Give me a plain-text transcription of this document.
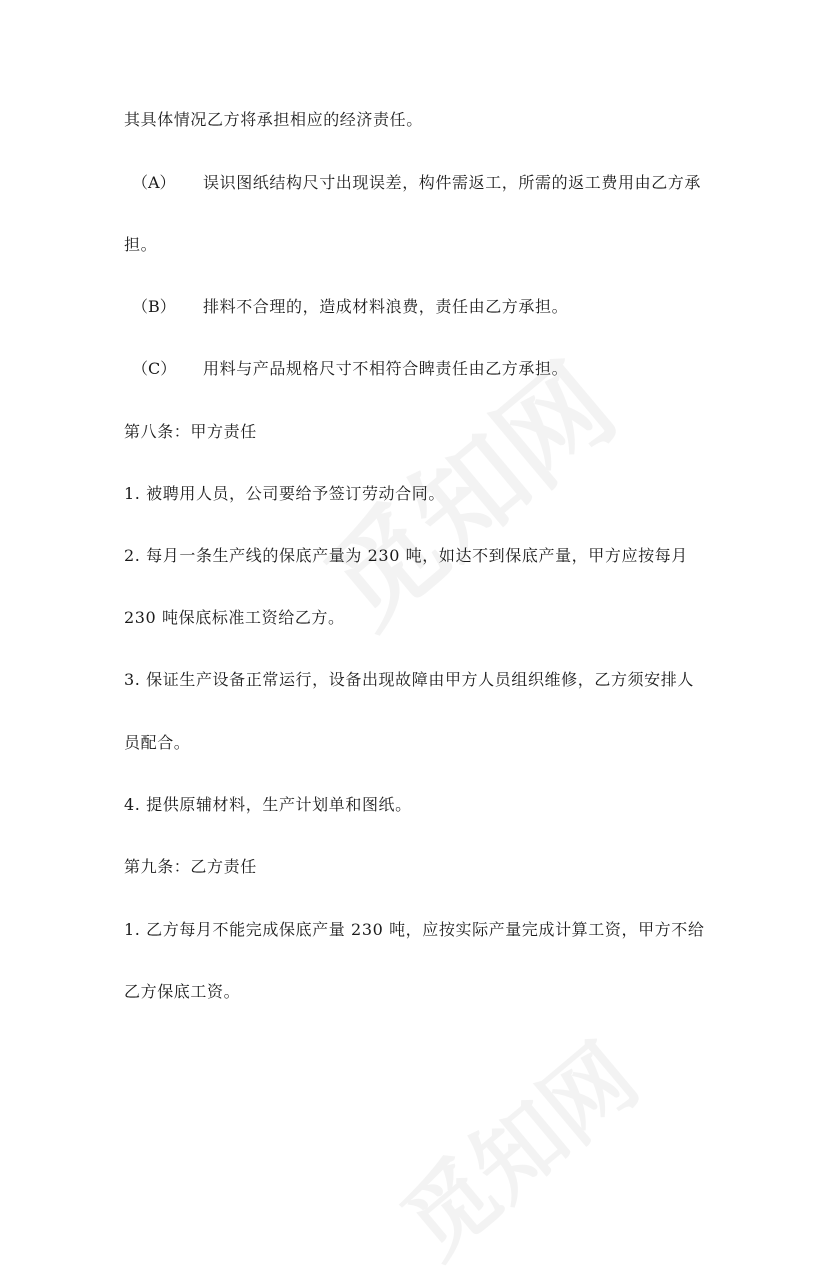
其具体情况乙方将承担相应的经济责任。
（A） 误识图纸结构尺寸出现误差，构件需返工，所需的返工费用由乙方承
担。
（B） 排料不合理的，造成材料浪费，责任由乙方承担。
（C） 用料与产品规格尺寸不相符合睥责任由乙方承担。
第八条：甲方责任
1. 被聘用人员，公司要给予签订劳动合同。
2. 每月一条生产线的保底产量为 230 吨，如达不到保底产量，甲方应按每月
230 吨保底标准工资给乙方。
3. 保证生产设备正常运行，设备出现故障由甲方人员组织维修，乙方须安排人
员配合。
4. 提供原辅材料，生产计划单和图纸。
第九条：乙方责任
1. 乙方每月不能完成保底产量 230 吨，应按实际产量完成计算工资，甲方不给
乙方保底工资。
